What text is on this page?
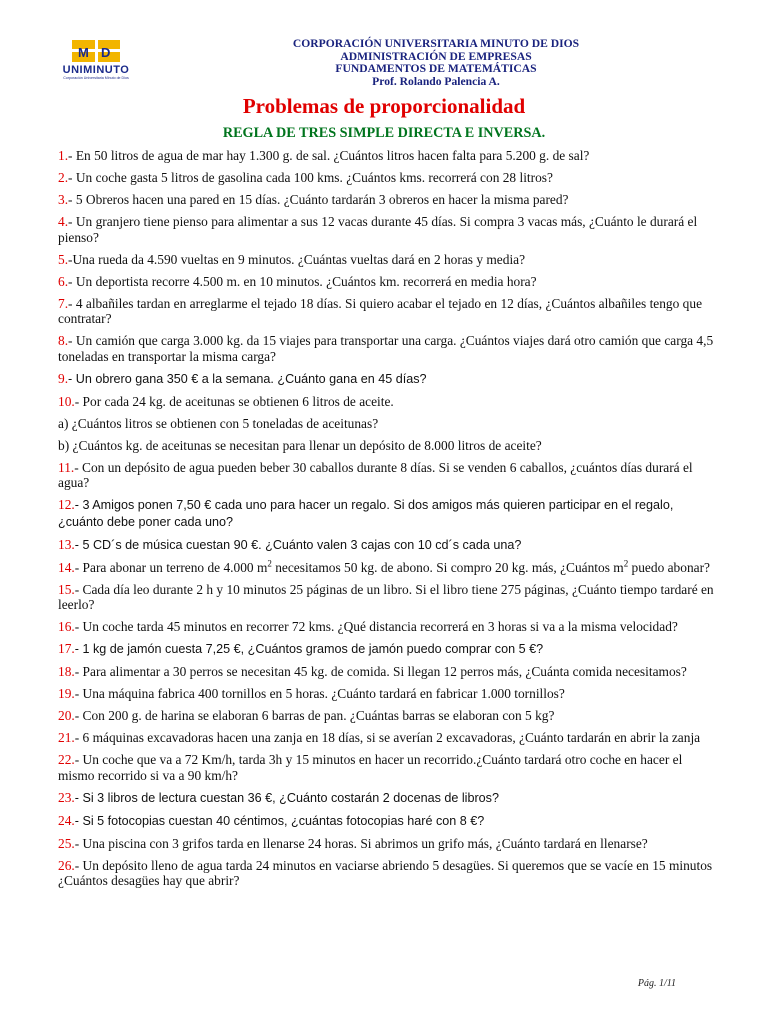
M D
UNIMINUTO
Corporación Universitaria Minuto de Dios
CORPORACIÓN UNIVERSITARIA MINUTO DE DIOS
ADMINISTRACIÓN DE EMPRESAS
FUNDAMENTOS DE MATEMÁTICAS
Prof. Rolando Palencia A.
Problemas de proporcionalidad
REGLA DE TRES SIMPLE DIRECTA E INVERSA.
1.- En 50 litros de agua de mar hay 1.300 g. de sal. ¿Cuántos litros hacen falta para 5.200 g. de sal?
2.- Un coche gasta 5 litros de gasolina cada 100 kms. ¿Cuántos kms. recorrerá con 28 litros?
3.- 5 Obreros hacen una pared en 15 días. ¿Cuánto tardarán 3 obreros en hacer la misma pared?
4.- Un granjero tiene pienso para alimentar a sus 12 vacas durante 45 días. Si compra 3 vacas más, ¿Cuánto le durará el pienso?
5.-Una rueda da 4.590 vueltas en 9 minutos. ¿Cuántas vueltas dará en 2 horas y media?
6.- Un deportista recorre 4.500 m. en 10 minutos. ¿Cuántos km. recorrerá en media hora?
7.- 4 albañiles tardan en arreglarme el tejado 18 días. Si quiero acabar el tejado en 12 días, ¿Cuántos albañiles tengo que contratar?
8.- Un camión que carga 3.000 kg. da 15 viajes para transportar una carga. ¿Cuántos viajes dará otro camión que carga 4,5 toneladas en transportar la misma carga?
9.- Un obrero gana 350 € a la semana. ¿Cuánto gana en 45 días?
10.- Por cada 24 kg. de aceitunas se obtienen 6 litros de aceite.
a) ¿Cuántos litros se obtienen con 5 toneladas de aceitunas?
b) ¿Cuántos kg. de aceitunas se necesitan para llenar un depósito de 8.000 litros de aceite?
11.- Con un depósito de agua pueden beber 30 caballos durante 8 días. Si se venden 6 caballos, ¿cuántos días durará el agua?
12.- 3 Amigos ponen 7,50 € cada uno para hacer un regalo. Si dos amigos más quieren participar en el regalo, ¿cuánto debe poner cada uno?
13.- 5 CD´s de música cuestan 90 €. ¿Cuánto valen 3 cajas con 10 cd´s cada una?
14.- Para abonar un terreno de 4.000 $m^2$ necesitamos 50 kg. de abono. Si compro 20 kg. más, ¿Cuántos $m^2$ puedo abonar?
15.- Cada día leo durante 2 h y 10 minutos 25 páginas de un libro. Si el libro tiene 275 páginas, ¿Cuánto tiempo tardaré en leerlo?
16.- Un coche tarda 45 minutos en recorrer 72 kms. ¿Qué distancia recorrerá en 3 horas si va a la misma velocidad?
17.- 1 kg de jamón cuesta 7,25 €, ¿Cuántos gramos de jamón puedo comprar con 5 €?
18.- Para alimentar a 30 perros se necesitan 45 kg. de comida. Si llegan 12 perros más, ¿Cuánta comida necesitamos?
19.- Una máquina fabrica 400 tornillos en 5 horas. ¿Cuánto tardará en fabricar 1.000 tornillos?
20.- Con 200 g. de harina se elaboran 6 barras de pan. ¿Cuántas barras se elaboran con 5 kg?
21.- 6 máquinas excavadoras hacen una zanja en 18 días, si se averían 2 excavadoras, ¿Cuánto tardarán en abrir la zanja
22.- Un coche que va a 72 Km/h, tarda 3h y 15 minutos en hacer un recorrido.¿Cuánto tardará otro coche en hacer el mismo recorrido si va a 90 km/h?
23.- Si 3 libros de lectura cuestan 36 €, ¿Cuánto costarán 2 docenas de libros?
24.- Si 5 fotocopias cuestan 40 céntimos, ¿cuántas fotocopias haré con 8 €?
25.- Una piscina con 3 grifos tarda en llenarse 24 horas. Si abrimos un grifo más, ¿Cuánto tardará en llenarse?
26.- Un depósito lleno de agua tarda 24 minutos en vaciarse abriendo 5 desagües. Si queremos que se vacíe en 15 minutos ¿Cuántos desagües hay que abrir?
Pág. 1/11
